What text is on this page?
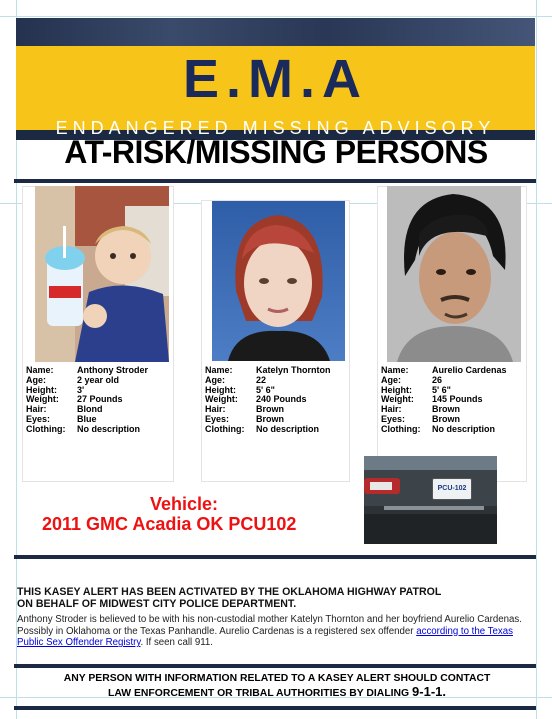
E.M.A
ENDANGERED MISSING ADVISORY
AT-RISK/MISSING PERSONS
Name:	Anthony Stroder
Age:	2 year old
Height:	3'
Weight:	27 Pounds
Hair:	Blond
Eyes:	Blue
Clothing:	No description
Name:	Katelyn Thornton
Age:	22
Height:	5' 6"
Weight:	240 Pounds
Hair:	Brown
Eyes:	Brown
Clothing:	No description
Name:	Aurelio Cardenas
Age:	26
Height:	5' 6"
Weight:	145 Pounds
Hair:	Brown
Eyes:	Brown
Clothing:	No description
PCU-102
Vehicle:
2011 GMC Acadia OK PCU102
THIS KASEY ALERT HAS BEEN ACTIVATED BY THE OKLAHOMA HIGHWAY PATROL
ON BEHALF OF MIDWEST CITY POLICE DEPARTMENT.
Anthony Stroder is believed to be with his non-custodial mother Katelyn Thornton and her boyfriend Aurelio Cardenas. Possibly in Oklahoma or the Texas Panhandle. Aurelio Cardenas is a registered sex offender according to the Texas Public Sex Offender Registry. If seen call 911.
ANY PERSON WITH INFORMATION RELATED TO A KASEY ALERT SHOULD CONTACT
LAW ENFORCEMENT OR TRIBAL AUTHORITIES BY DIALING 9-1-1.
